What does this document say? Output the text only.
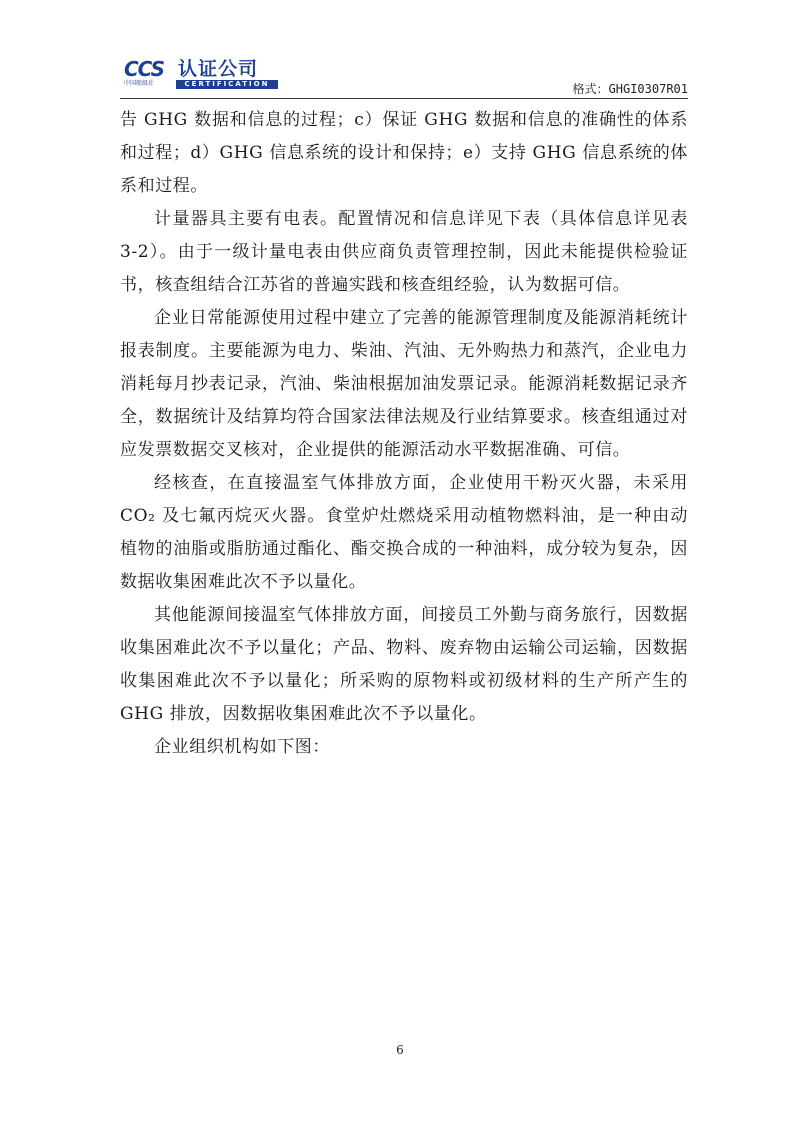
CCS 认证公司
中国船级社	CERTIFICATION	格式：GHGI0307R01

告 GHG 数据和信息的过程；c）保证 GHG 数据和信息的准确性的体系和过程；d）GHG 信息系统的设计和保持；e）支持 GHG 信息系统的体系和过程。

计量器具主要有电表。配置情况和信息详见下表（具体信息详见表 3-2）。由于一级计量电表由供应商负责管理控制，因此未能提供检验证书，核查组结合江苏省的普遍实践和核查组经验，认为数据可信。

企业日常能源使用过程中建立了完善的能源管理制度及能源消耗统计报表制度。主要能源为电力、柴油、汽油、无外购热力和蒸汽，企业电力消耗每月抄表记录，汽油、柴油根据加油发票记录。能源消耗数据记录齐全，数据统计及结算均符合国家法律法规及行业结算要求。核查组通过对应发票数据交叉核对，企业提供的能源活动水平数据准确、可信。

经核查，在直接温室气体排放方面，企业使用干粉灭火器，未采用 CO₂ 及七氟丙烷灭火器。食堂炉灶燃烧采用动植物燃料油，是一种由动植物的油脂或脂肪通过酯化、酯交换合成的一种油料，成分较为复杂，因数据收集困难此次不予以量化。

其他能源间接温室气体排放方面，间接员工外勤与商务旅行，因数据收集困难此次不予以量化；产品、物料、废弃物由运输公司运输，因数据收集困难此次不予以量化；所采购的原物料或初级材料的生产所产生的 GHG 排放，因数据收集困难此次不予以量化。

企业组织机构如下图：

6
